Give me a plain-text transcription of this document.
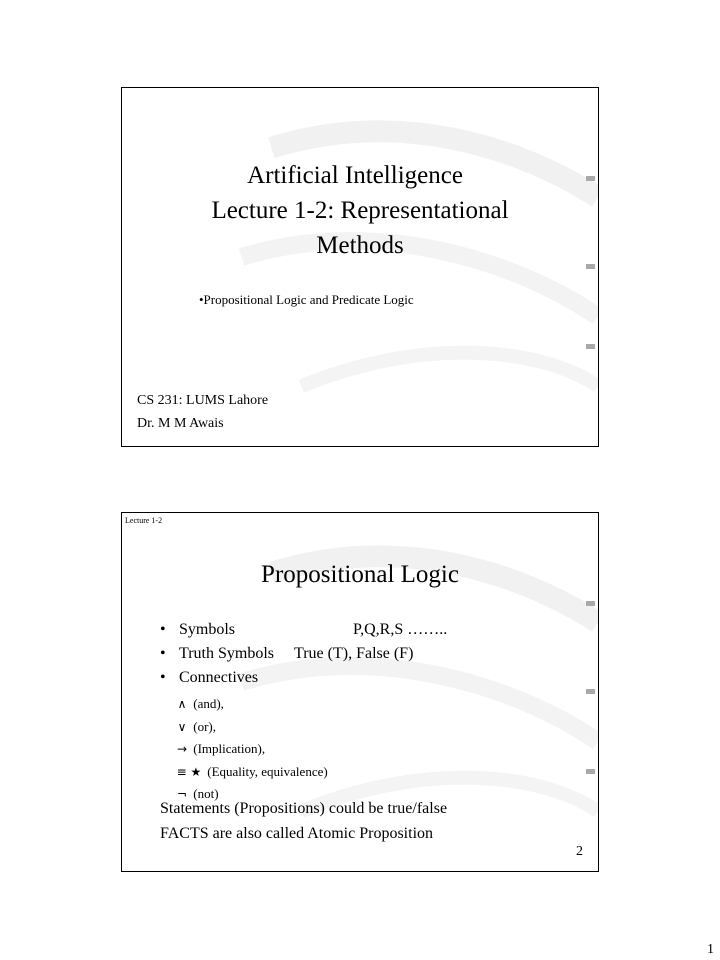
Artificial Intelligence
Lecture 1-2: Representational
Methods
•Propositional Logic and Predicate Logic
CS 231: LUMS Lahore
Dr. M M Awais
Lecture 1-2
Propositional Logic
• Symbols	P,Q,R,S ……..
• Truth Symbols True (T), False (F)
• Connectives
∧ (and),
∨ (or),
→ (Implication),
≡ ★ (Equality, equivalence)
¬ (not)
Statements (Propositions) could be true/false
FACTS are also called Atomic Proposition
2
1
